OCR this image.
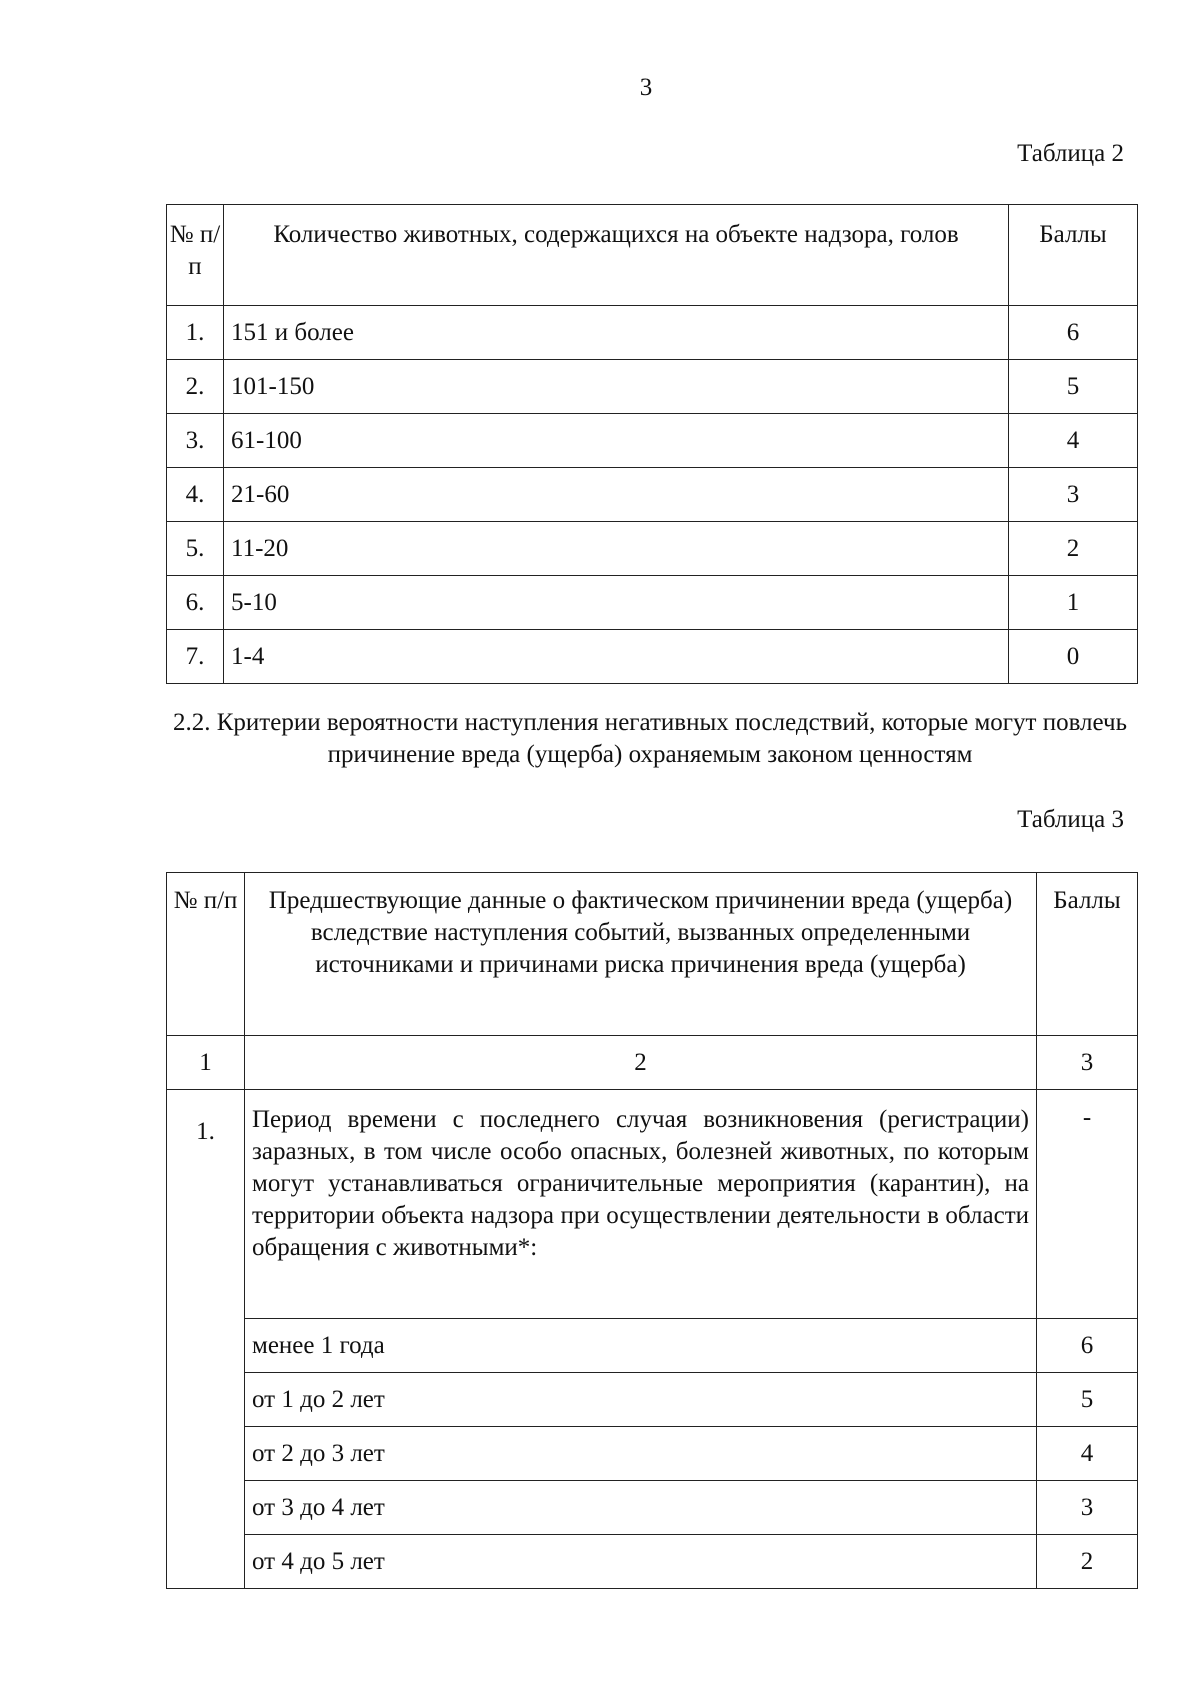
3
Таблица 2
№ п/п	Количество животных, содержащихся на объекте надзора, голов	Баллы
1.	151 и более	6
2.	101-150	5
3.	61-100	4
4.	21-60	3
5.	11-20	2
6.	5-10	1
7.	1-4	0
2.2. Критерии вероятности наступления негативных последствий, которые могут повлечь причинение вреда (ущерба) охраняемым законом ценностям
Таблица 3
№ п/п	Предшествующие данные о фактическом причинении вреда (ущерба) вследствие наступления событий, вызванных определенными источниками и причинами риска причинения вреда (ущерба)	Баллы
1	2	3
1.	Период времени с последнего случая возникновения (регистрации) заразных, в том числе особо опасных, болезней животных, по которым могут устанавливаться ограничительные мероприятия (карантин), на территории объекта надзора при осуществлении деятельности в области обращения с животными*:	-
	менее 1 года	6
	от 1 до 2 лет	5
	от 2 до 3 лет	4
	от 3 до 4 лет	3
	от 4 до 5 лет	2
